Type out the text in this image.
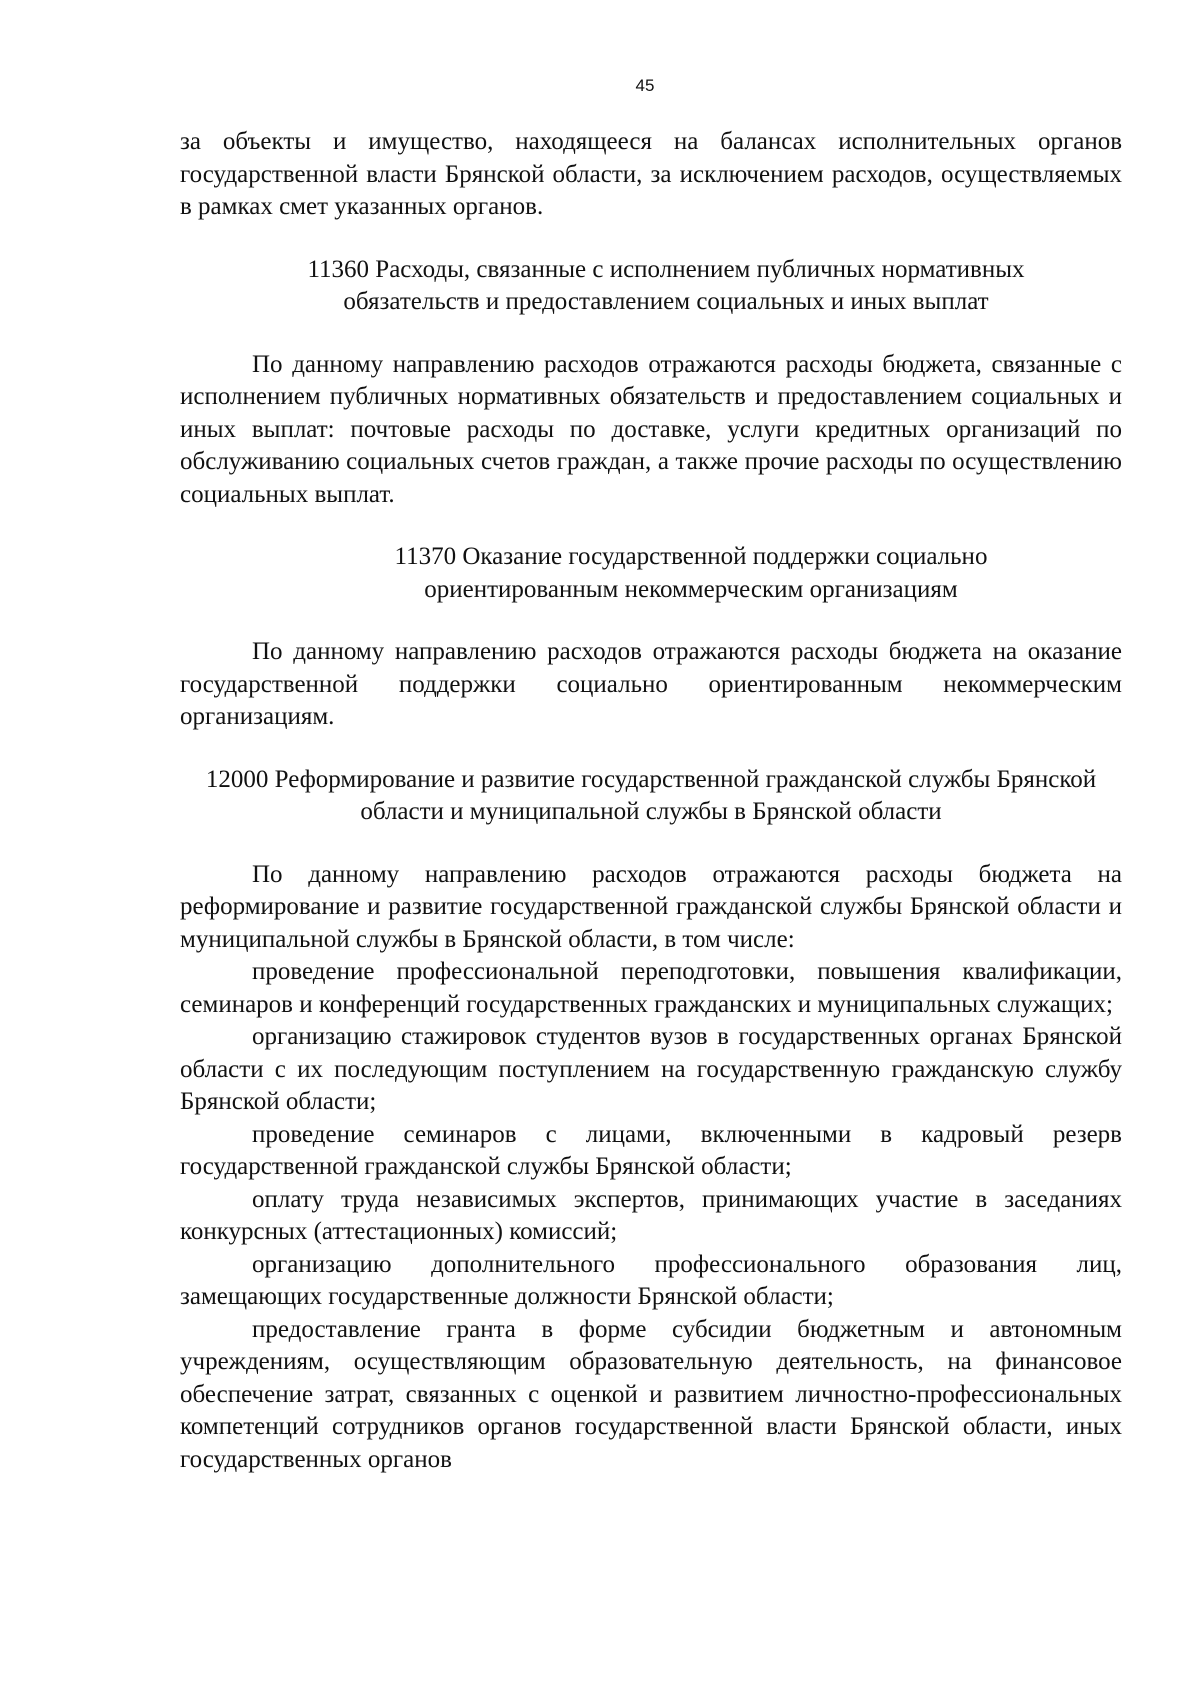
45

за объекты и имущество, находящееся на балансах исполнительных органов государственной власти Брянской области, за исключением расходов, осуществляемых в рамках смет указанных органов.

11360 Расходы, связанные с исполнением публичных нормативных обязательств и предоставлением социальных и иных выплат

По данному направлению расходов отражаются расходы бюджета, связанные с исполнением публичных нормативных обязательств и предоставлением социальных и иных выплат: почтовые расходы по доставке, услуги кредитных организаций по обслуживанию социальных счетов граждан, а также прочие расходы по осуществлению социальных выплат.

11370 Оказание государственной поддержки социально ориентированным некоммерческим организациям

По данному направлению расходов отражаются расходы бюджета на оказание государственной поддержки социально ориентированным некоммерческим организациям.

12000 Реформирование и развитие государственной гражданской службы Брянской области и муниципальной службы в Брянской области

По данному направлению расходов отражаются расходы бюджета на реформирование и развитие государственной гражданской службы Брянской области и муниципальной службы в Брянской области, в том числе:

проведение профессиональной переподготовки, повышения квалификации, семинаров и конференций государственных гражданских и муниципальных служащих;

организацию стажировок студентов вузов в государственных органах Брянской области с их последующим поступлением на государственную гражданскую службу Брянской области;

проведение семинаров с лицами, включенными в кадровый резерв государственной гражданской службы Брянской области;

оплату труда независимых экспертов, принимающих участие в заседаниях конкурсных (аттестационных) комиссий;

организацию дополнительного профессионального образования лиц, замещающих государственные должности Брянской области;

предоставление гранта в форме субсидии бюджетным и автономным учреждениям, осуществляющим образовательную деятельность, на финансовое обеспечение затрат, связанных с оценкой и развитием личностно-профессиональных компетенций сотрудников органов государственной власти Брянской области, иных государственных органов
